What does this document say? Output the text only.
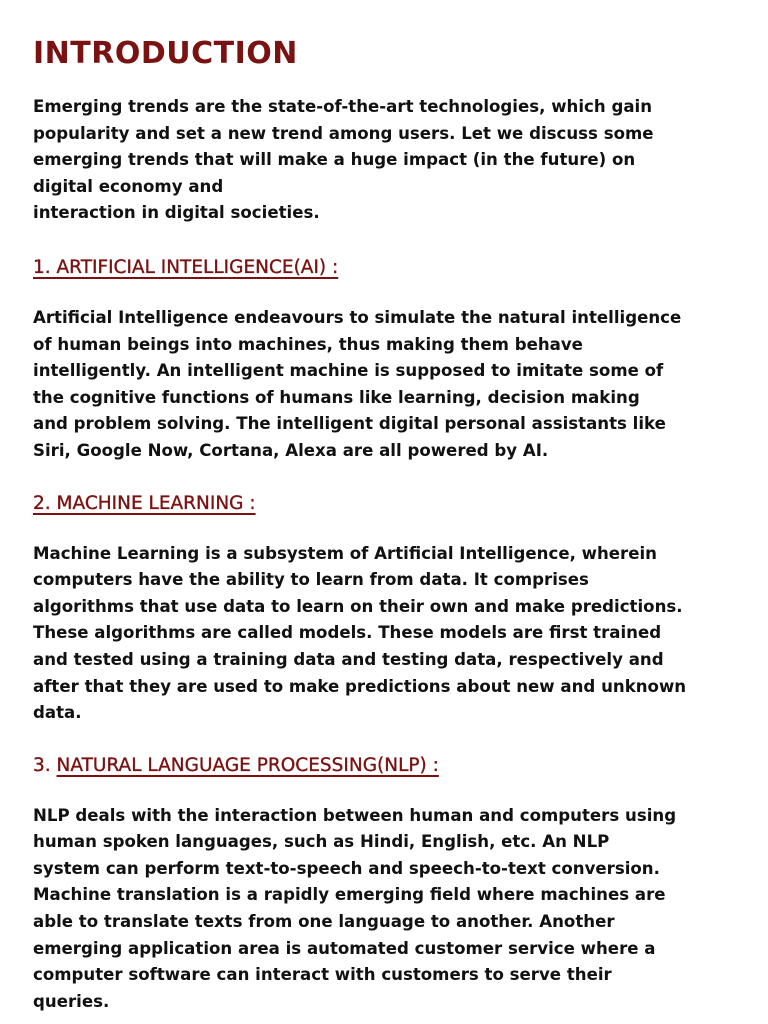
INTRODUCTION

Emerging trends are the state-of-the-art technologies, which gain
popularity and set a new trend among users. Let we discuss some
emerging trends that will make a huge impact (in the future) on
digital economy and
interaction in digital societies.

1. ARTIFICIAL INTELLIGENCE(AI) :

Artificial Intelligence endeavours to simulate the natural intelligence
of human beings into machines, thus making them behave
intelligently. An intelligent machine is supposed to imitate some of
the cognitive functions of humans like learning, decision making
and problem solving. The intelligent digital personal assistants like
Siri, Google Now, Cortana, Alexa are all powered by AI.

2. MACHINE LEARNING :

Machine Learning is a subsystem of Artificial Intelligence, wherein
computers have the ability to learn from data. It comprises
algorithms that use data to learn on their own and make predictions.
These algorithms are called models. These models are first trained
and tested using a training data and testing data, respectively and
after that they are used to make predictions about new and unknown
data.

3. NATURAL LANGUAGE PROCESSING(NLP) :

NLP deals with the interaction between human and computers using
human spoken languages, such as Hindi, English, etc. An NLP
system can perform text-to-speech and speech-to-text conversion.
Machine translation is a rapidly emerging field where machines are
able to translate texts from one language to another. Another
emerging application area is automated customer service where a
computer software can interact with customers to serve their
queries.
